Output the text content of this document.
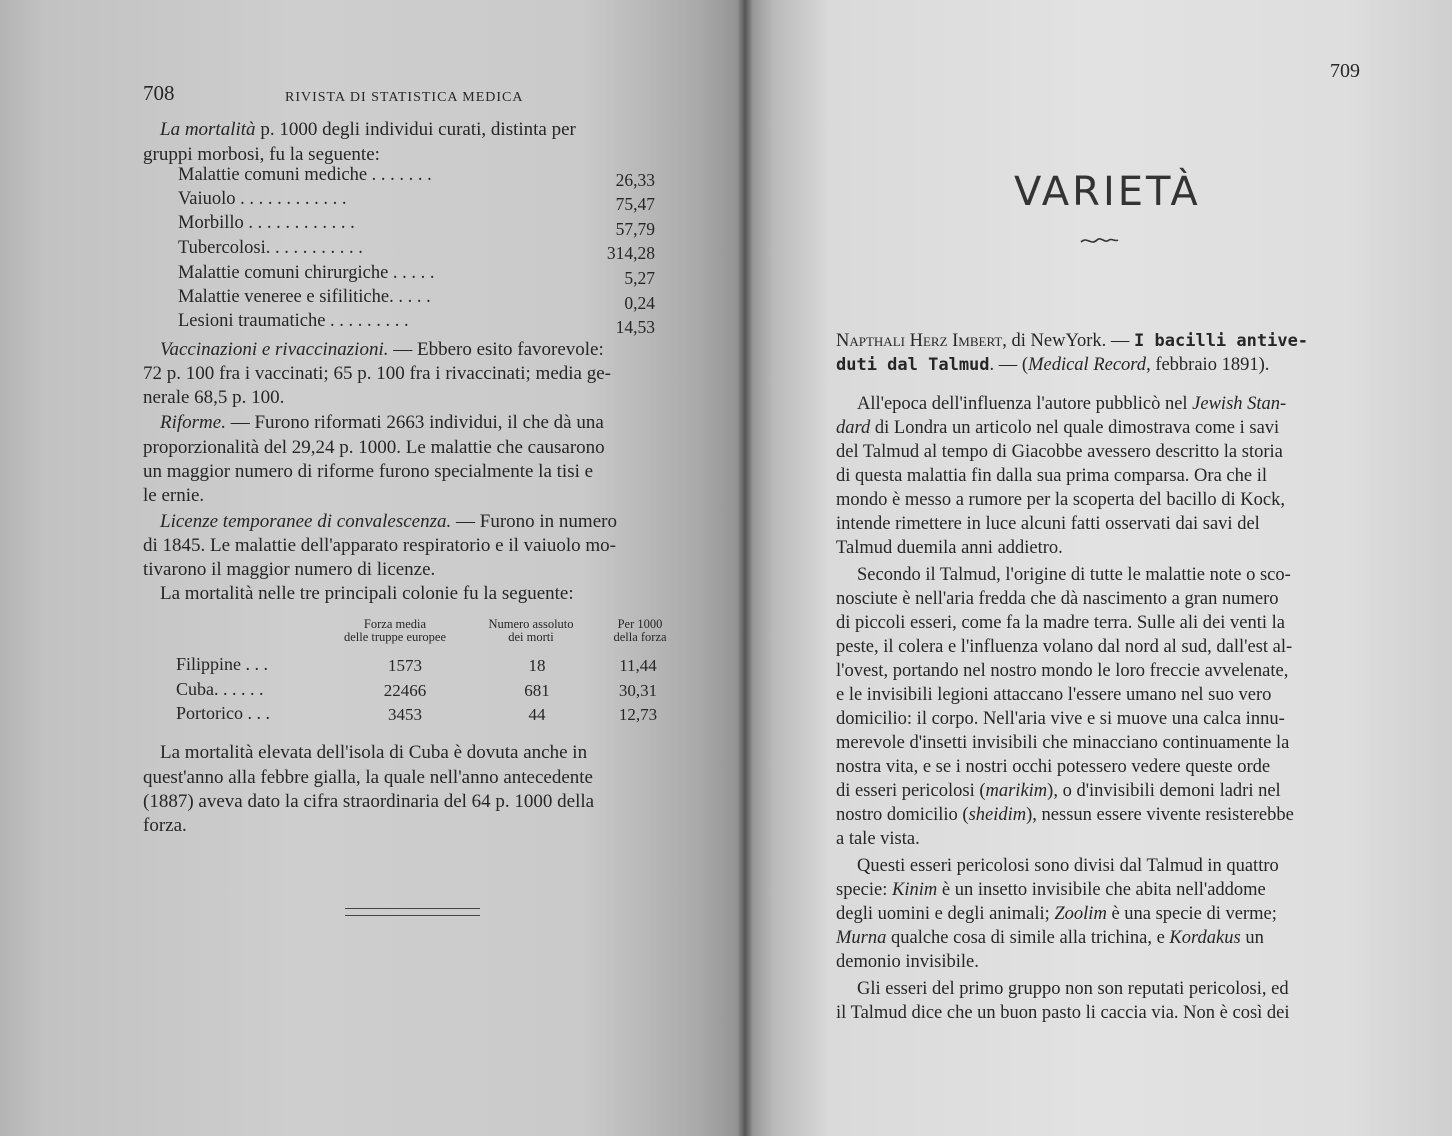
708	RIVISTA DI STATISTICA MEDICA
La mortalità p. 1000 degli individui curati, distinta per
gruppi morbosi, fu la seguente:
Malattie comuni mediche . . . . . . .	26,33
Vaiuolo . . . . . . . . . . . .	75,47
Morbillo . . . . . . . . . . . .	57,79
Tubercolosi. . . . . . . . . . .	314,28
Malattie comuni chirurgiche . . . . .	5,27
Malattie veneree e sifilitiche. . . . .	0,24
Lesioni traumatiche . . . . . . . . .	14,53
Vaccinazioni e rivaccinazioni. — Ebbero esito favorevole:
72 p. 100 fra i vaccinati; 65 p. 100 fra i rivaccinati; media ge-
nerale 68,5 p. 100.
Riforme. — Furono riformati 2663 individui, il che dà una
proporzionalità del 29,24 p. 1000. Le malattie che causarono
un maggior numero di riforme furono specialmente la tisi e
le ernie.
Licenze temporanee di convalescenza. — Furono in numero
di 1845. Le malattie dell'apparato respiratorio e il vaiuolo mo-
tivarono il maggior numero di licenze.
La mortalità nelle tre principali colonie fu la seguente:
Forza media
delle truppe europee
Numero assoluto
dei morti
Per 1000
della forza
Filippine . . .	1573	18	11,44
Cuba. . . . . .	22466	681	30,31
Portorico . . .	3453	44	12,73
La mortalità elevata dell'isola di Cuba è dovuta anche in
quest'anno alla febbre gialla, la quale nell'anno antecedente
(1887) aveva dato la cifra straordinaria del 64 p. 1000 della
forza.
709
VARIETÀ
Napthali Herz Imbert, di NewYork. — I bacilli antive-
duti dal Talmud. — (Medical Record, febbraio 1891).
All'epoca dell'influenza l'autore pubblicò nel Jewish Stan-
dard di Londra un articolo nel quale dimostrava come i savi
del Talmud al tempo di Giacobbe avessero descritto la storia
di questa malattia fin dalla sua prima comparsa. Ora che il
mondo è messo a rumore per la scoperta del bacillo di Kock,
intende rimettere in luce alcuni fatti osservati dai savi del
Talmud duemila anni addietro.
Secondo il Talmud, l'origine di tutte le malattie note o sco-
nosciute è nell'aria fredda che dà nascimento a gran numero
di piccoli esseri, come fa la madre terra. Sulle ali dei venti la
peste, il colera e l'influenza volano dal nord al sud, dall'est al-
l'ovest, portando nel nostro mondo le loro freccie avvelenate,
e le invisibili legioni attaccano l'essere umano nel suo vero
domicilio: il corpo. Nell'aria vive e si muove una calca innu-
merevole d'insetti invisibili che minacciano continuamente la
nostra vita, e se i nostri occhi potessero vedere queste orde
di esseri pericolosi (marikim), o d'invisibili demoni ladri nel
nostro domicilio (sheidim), nessun essere vivente resisterebbe
a tale vista.
Questi esseri pericolosi sono divisi dal Talmud in quattro
specie: Kinim è un insetto invisibile che abita nell'addome
degli uomini e degli animali; Zoolim è una specie di verme;
Murna qualche cosa di simile alla trichina, e Kordakus un
demonio invisibile.
Gli esseri del primo gruppo non son reputati pericolosi, ed
il Talmud dice che un buon pasto li caccia via. Non è così dei
